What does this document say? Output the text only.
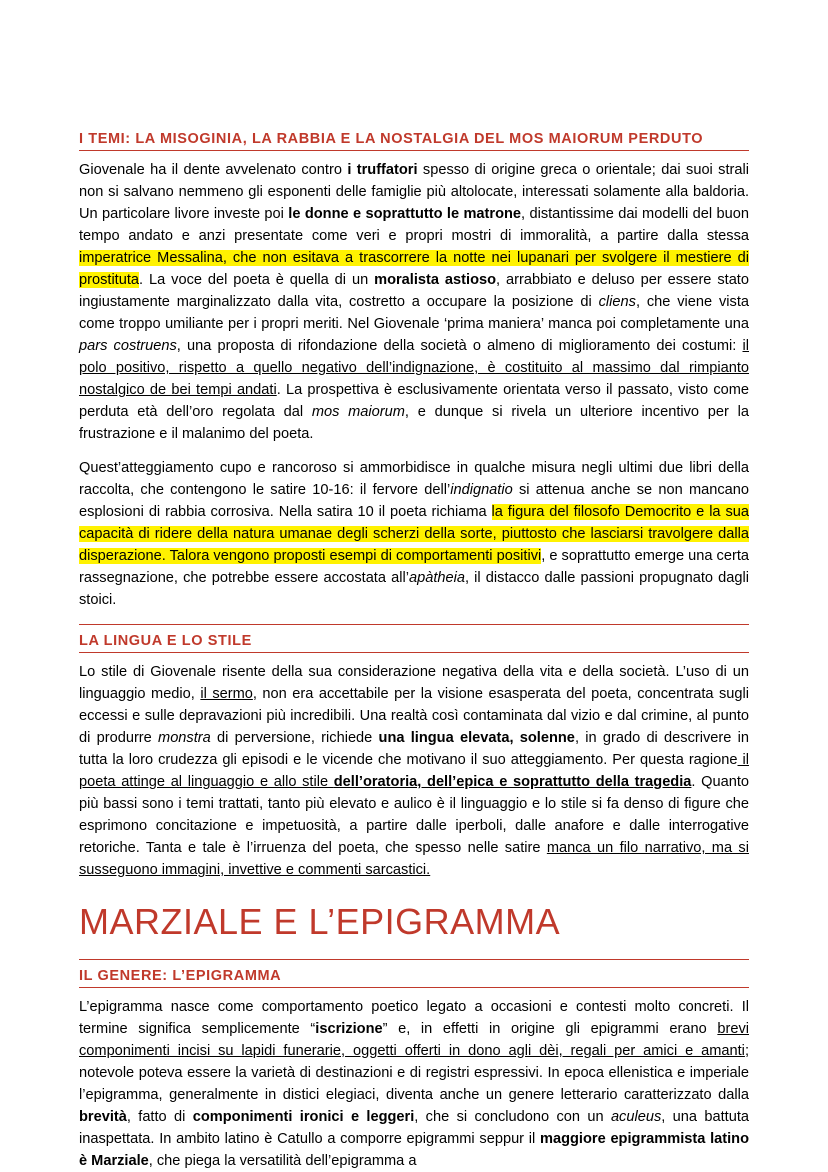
I TEMI: LA MISOGINIA, LA RABBIA E LA NOSTALGIA DEL MOS MAIORUM PERDUTO

Giovenale ha il dente avvelenato contro i truffatori spesso di origine greca o orientale; dai suoi strali non si salvano nemmeno gli esponenti delle famiglie più altolocate, interessati solamente alla baldoria. Un particolare livore investe poi le donne e soprattutto le matrone, distantissime dai modelli del buon tempo andato e anzi presentate come veri e propri mostri di immoralità, a partire dalla stessa imperatrice Messalina, che non esitava a trascorrere la notte nei lupanari per svolgere il mestiere di prostituta. La voce del poeta è quella di un moralista astioso, arrabbiato e deluso per essere stato ingiustamente marginalizzato dalla vita, costretto a occupare la posizione di cliens, che viene vista come troppo umiliante per i propri meriti. Nel Giovenale ‘prima maniera’ manca poi completamente una pars costruens, una proposta di rifondazione della società o almeno di miglioramento dei costumi: il polo positivo, rispetto a quello negativo dell’indignazione, è costituito al massimo dal rimpianto nostalgico de bei tempi andati. La prospettiva è esclusivamente orientata verso il passato, visto come perduta età dell’oro regolata dal mos maiorum, e dunque si rivela un ulteriore incentivo per la frustrazione e il malanimo del poeta.

Quest’atteggiamento cupo e rancoroso si ammorbidisce in qualche misura negli ultimi due libri della raccolta, che contengono le satire 10-16: il fervore dell’indignatio si attenua anche se non mancano esplosioni di rabbia corrosiva. Nella satira 10 il poeta richiama la figura del filosofo Democrito e la sua capacità di ridere della natura umanae degli scherzi della sorte, piuttosto che lasciarsi travolgere dalla disperazione. Talora vengono proposti esempi di comportamenti positivi, e soprattutto emerge una certa rassegnazione, che potrebbe essere accostata all’apàtheia, il distacco dalle passioni propugnato dagli stoici.

LA LINGUA E LO STILE

Lo stile di Giovenale risente della sua considerazione negativa della vita e della società. L’uso di un linguaggio medio, il sermo, non era accettabile per la visione esasperata del poeta, concentrata sugli eccessi e sulle depravazioni più incredibili. Una realtà così contaminata dal vizio e dal crimine, al punto di produrre monstra di perversione, richiede una lingua elevata, solenne, in grado di descrivere in tutta la loro crudezza gli episodi e le vicende che motivano il suo atteggiamento. Per questa ragione il poeta attinge al linguaggio e allo stile dell’oratoria, dell’epica e soprattutto della tragedia. Quanto più bassi sono i temi trattati, tanto più elevato e aulico è il linguaggio e lo stile si fa denso di figure che esprimono concitazione e impetuosità, a partire dalle iperboli, dalle anafore e dalle interrogative retoriche. Tanta e tale è l’irruenza del poeta, che spesso nelle satire manca un filo narrativo, ma si susseguono immagini, invettive e commenti sarcastici.

MARZIALE E L’EPIGRAMMA
IL GENERE: L’EPIGRAMMA

L’epigramma nasce come comportamento poetico legato a occasioni e contesti molto concreti. Il termine significa semplicemente “iscrizione” e, in effetti in origine gli epigrammi erano brevi componimenti incisi su lapidi funerarie, oggetti offerti in dono agli dèi, regali per amici e amanti; notevole poteva essere la varietà di destinazioni e di registri espressivi. In epoca ellenistica e imperiale l’epigramma, generalmente in distici elegiaci, diventa anche un genere letterario caratterizzato dalla brevità, fatto di componimenti ironici e leggeri, che si concludono con un aculeus, una battuta inaspettata. In ambito latino è Catullo a comporre epigrammi seppur il maggiore epigrammista latino è Marziale, che piega la versatilità dell’epigramma a
